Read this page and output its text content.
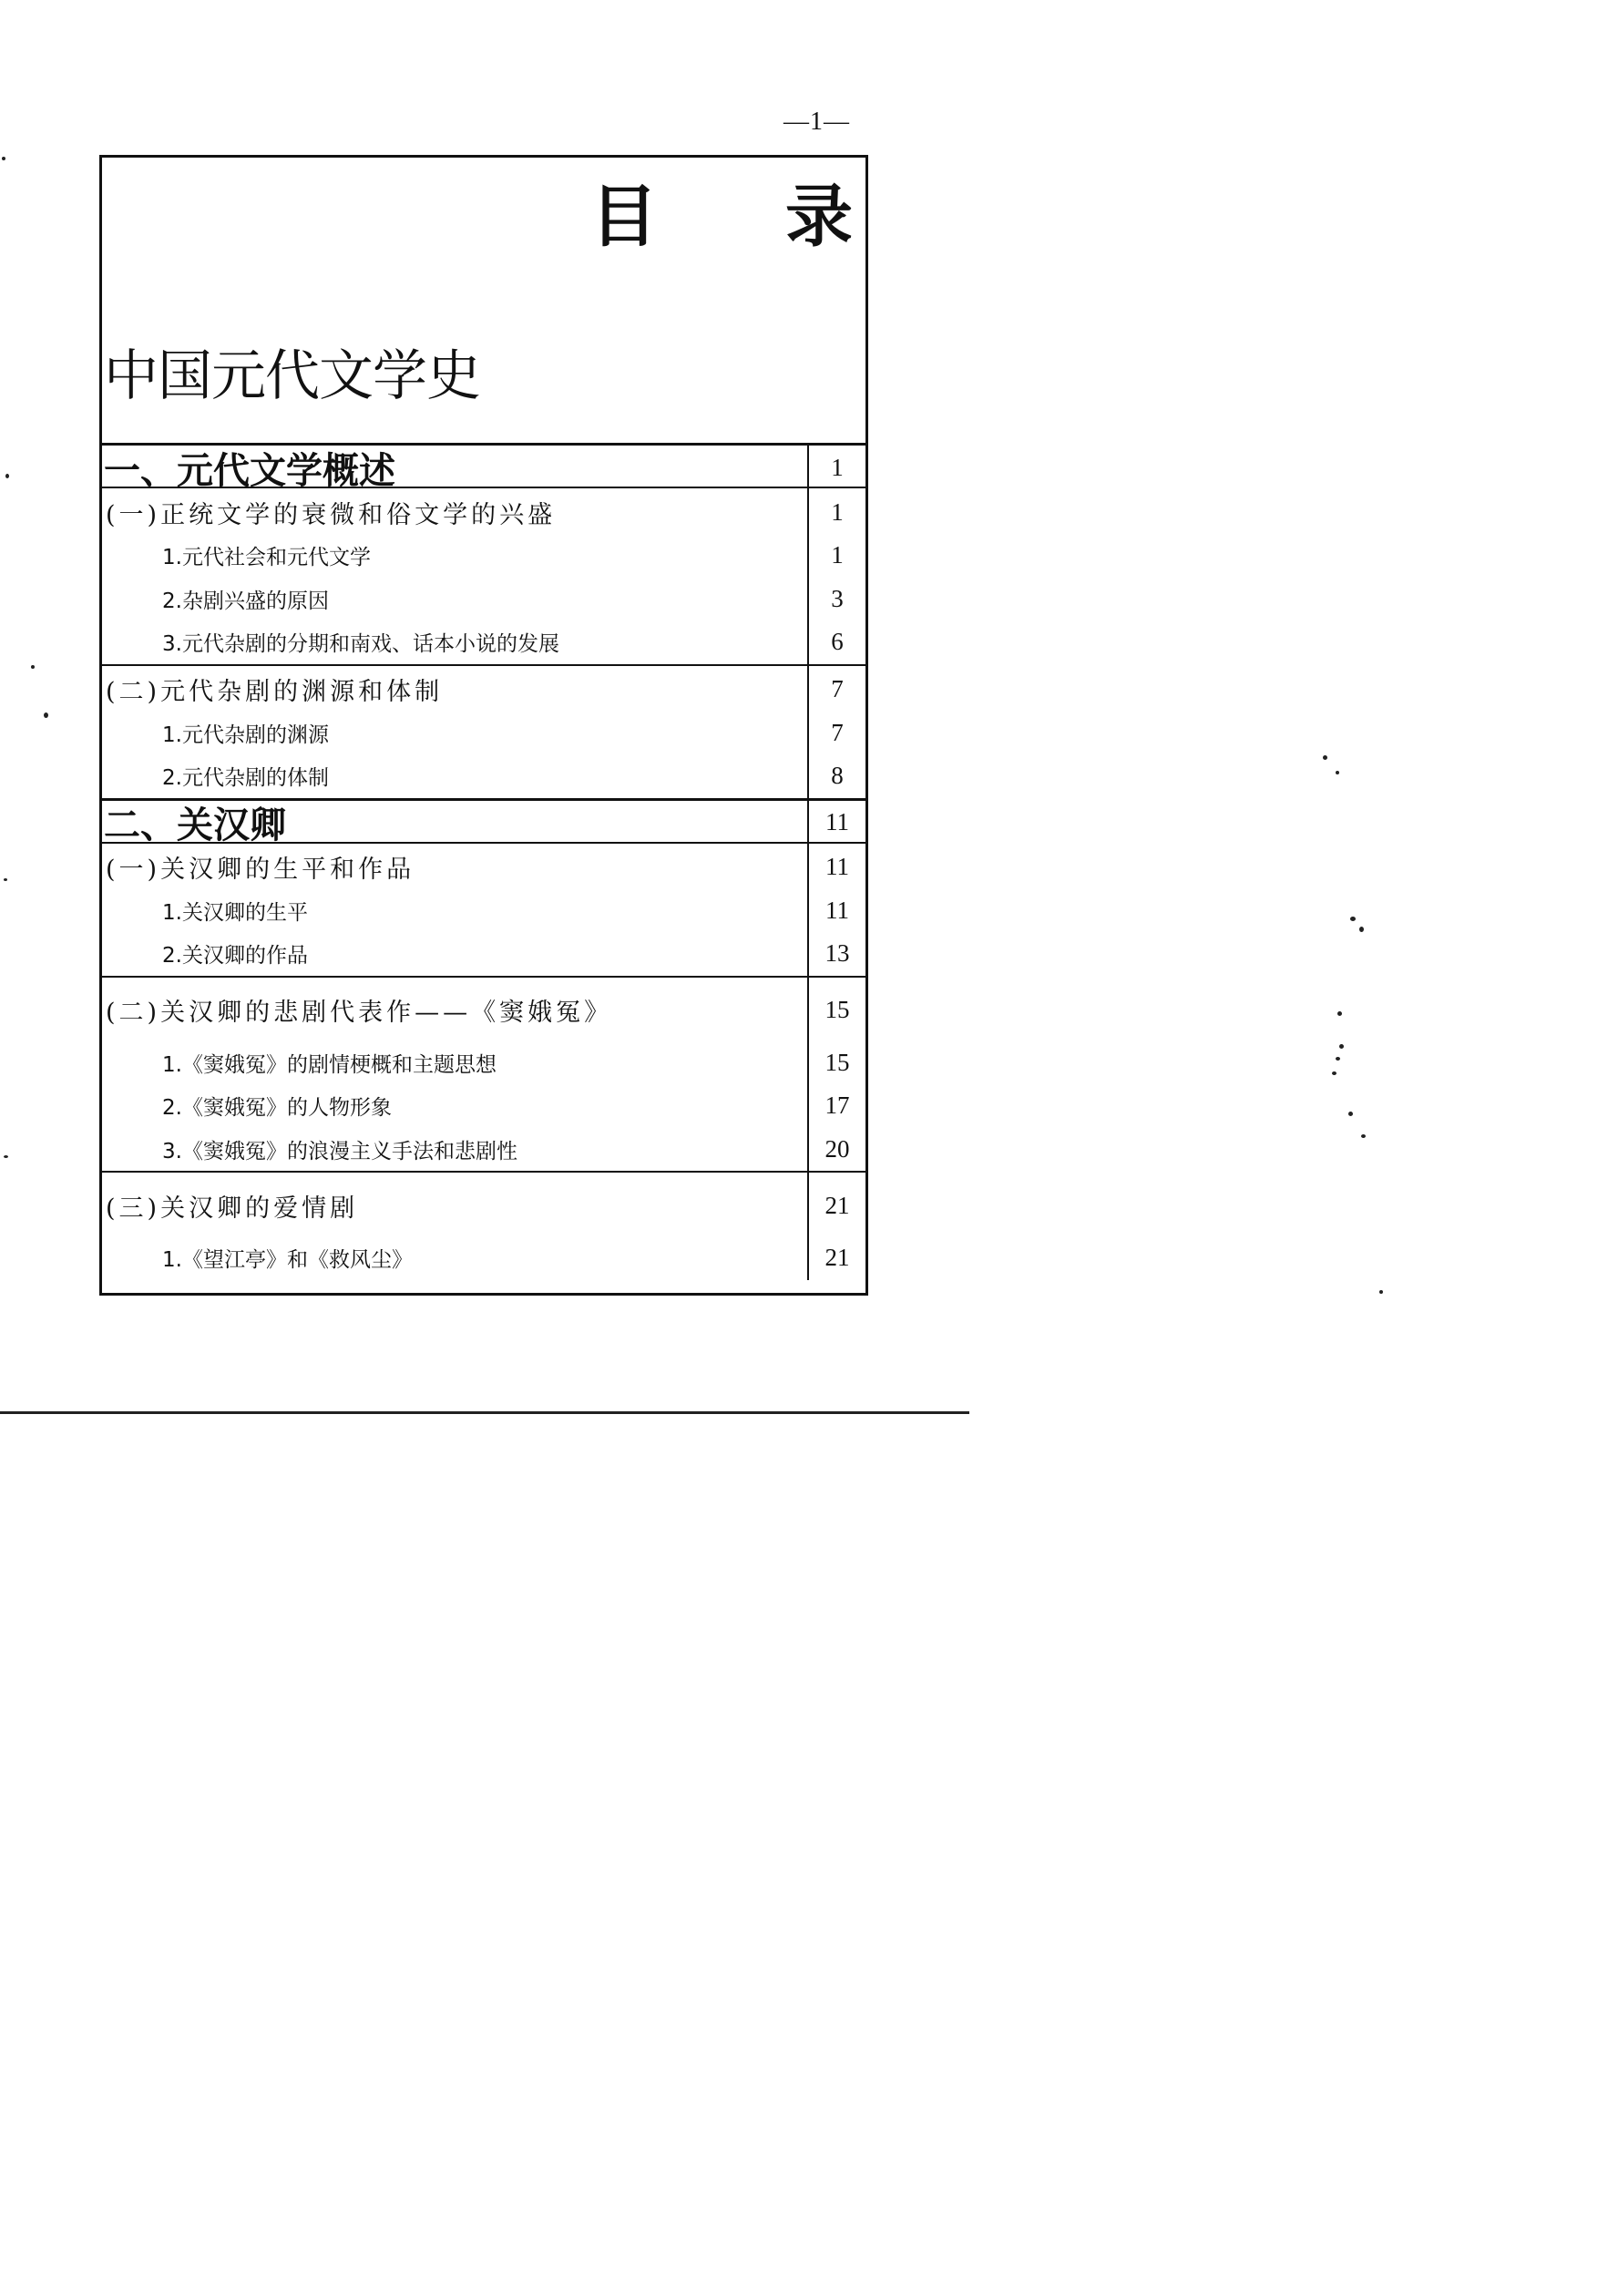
—1—
目录
中国元代文学史
一、元代文学概述	1
(一)正统文学的衰微和俗文学的兴盛	1
1.元代社会和元代文学	1
2.杂剧兴盛的原因	3
3.元代杂剧的分期和南戏、话本小说的发展	6
(二)元代杂剧的渊源和体制	7
1.元代杂剧的渊源	7
2.元代杂剧的体制	8
二、关汉卿	11
(一)关汉卿的生平和作品	11
1.关汉卿的生平	11
2.关汉卿的作品	13
(二)关汉卿的悲剧代表作——《窦娥冤》	15
1.《窦娥冤》的剧情梗概和主题思想	15
2.《窦娥冤》的人物形象	17
3.《窦娥冤》的浪漫主义手法和悲剧性	20
(三)关汉卿的爱情剧	21
1.《望江亭》和《救风尘》	21
